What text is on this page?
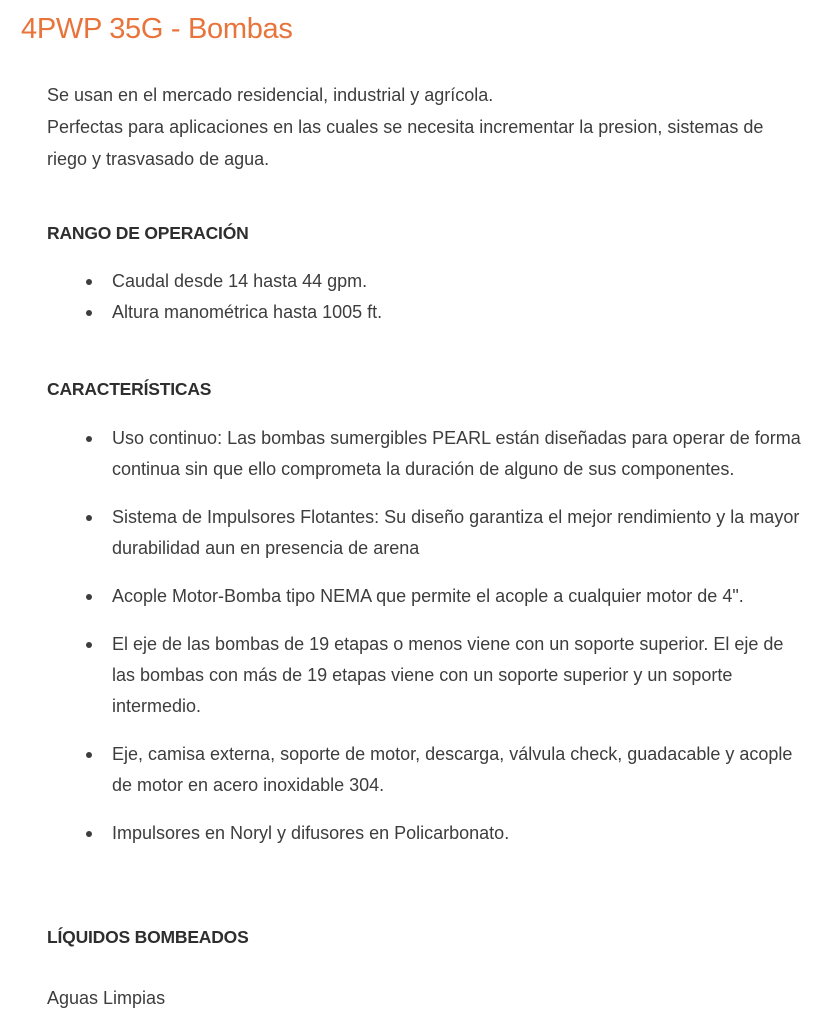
4PWP 35G - Bombas

Se usan en el mercado residencial, industrial y agrícola.
Perfectas para aplicaciones en las cuales se necesita incrementar la presion, sistemas de riego y trasvasado de agua.

RANGO DE OPERACIÓN
Caudal desde 14 hasta 44 gpm.
Altura manométrica hasta 1005 ft.
CARACTERÍSTICAS
Uso continuo: Las bombas sumergibles PEARL están diseñadas para operar de forma continua sin que ello comprometa la duración de alguno de sus componentes.
Sistema de Impulsores Flotantes: Su diseño garantiza el mejor rendimiento y la mayor durabilidad aun en presencia de arena
Acople Motor-Bomba tipo NEMA que permite el acople a cualquier motor de 4".
El eje de las bombas de 19 etapas o menos viene con un soporte superior. El eje de las bombas con más de 19 etapas viene con un soporte superior y un soporte intermedio.
Eje, camisa externa, soporte de motor, descarga, válvula check, guadacable y acople de motor en acero inoxidable 304.
Impulsores en Noryl y difusores en Policarbonato.
LÍQUIDOS BOMBEADOS

Aguas Limpias
